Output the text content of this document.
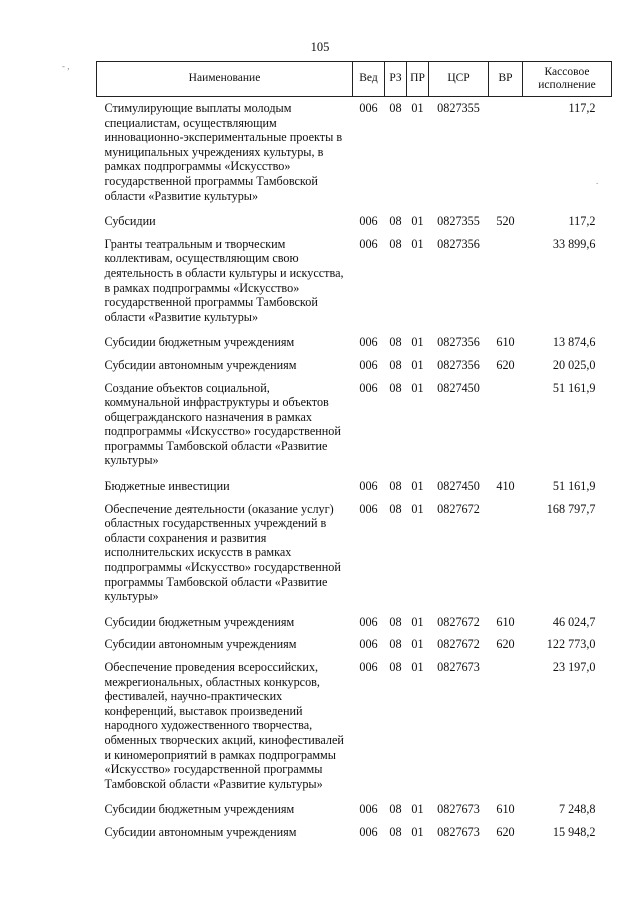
105
- ,
.
Наименование	Вед	РЗ	ПР	ЦСР	ВР	Кассовое исполнение
Стимулирующие выплаты молодым специалистам, осуществляющим инновационно-экспериментальные проекты в муниципальных учреждениях культуры, в рамках подпрограммы «Искусство» государственной программы Тамбовской области «Развитие культуры»	006	08	01	0827355		117,2
Субсидии	006	08	01	0827355	520	117,2
Гранты театральным и творческим коллективам, осуществляющим свою деятельность в области культуры и искусства, в рамках подпрограммы «Искусство» государственной программы Тамбовской области «Развитие культуры»	006	08	01	0827356		33 899,6
Субсидии бюджетным учреждениям	006	08	01	0827356	610	13 874,6
Субсидии автономным учреждениям	006	08	01	0827356	620	20 025,0
Создание объектов социальной, коммунальной инфраструктуры и объектов общегражданского назначения в рамках подпрограммы «Искусство» государственной программы Тамбовской области «Развитие культуры»	006	08	01	0827450		51 161,9
Бюджетные инвестиции	006	08	01	0827450	410	51 161,9
Обеспечение деятельности (оказание услуг) областных государственных учреждений в области сохранения и развития исполнительских искусств в рамках подпрограммы «Искусство» государственной программы Тамбовской области «Развитие культуры»	006	08	01	0827672		168 797,7
Субсидии бюджетным учреждениям	006	08	01	0827672	610	46 024,7
Субсидии автономным учреждениям	006	08	01	0827672	620	122 773,0
Обеспечение проведения всероссийских, межрегиональных, областных конкурсов, фестивалей, научно-практических конференций, выставок произведений народного художественного творчества, обменных творческих акций, кинофестивалей и киномероприятий в рамках подпрограммы «Искусство» государственной программы Тамбовской области «Развитие культуры»	006	08	01	0827673		23 197,0
Субсидии бюджетным учреждениям	006	08	01	0827673	610	7 248,8
Субсидии автономным учреждениям	006	08	01	0827673	620	15 948,2
